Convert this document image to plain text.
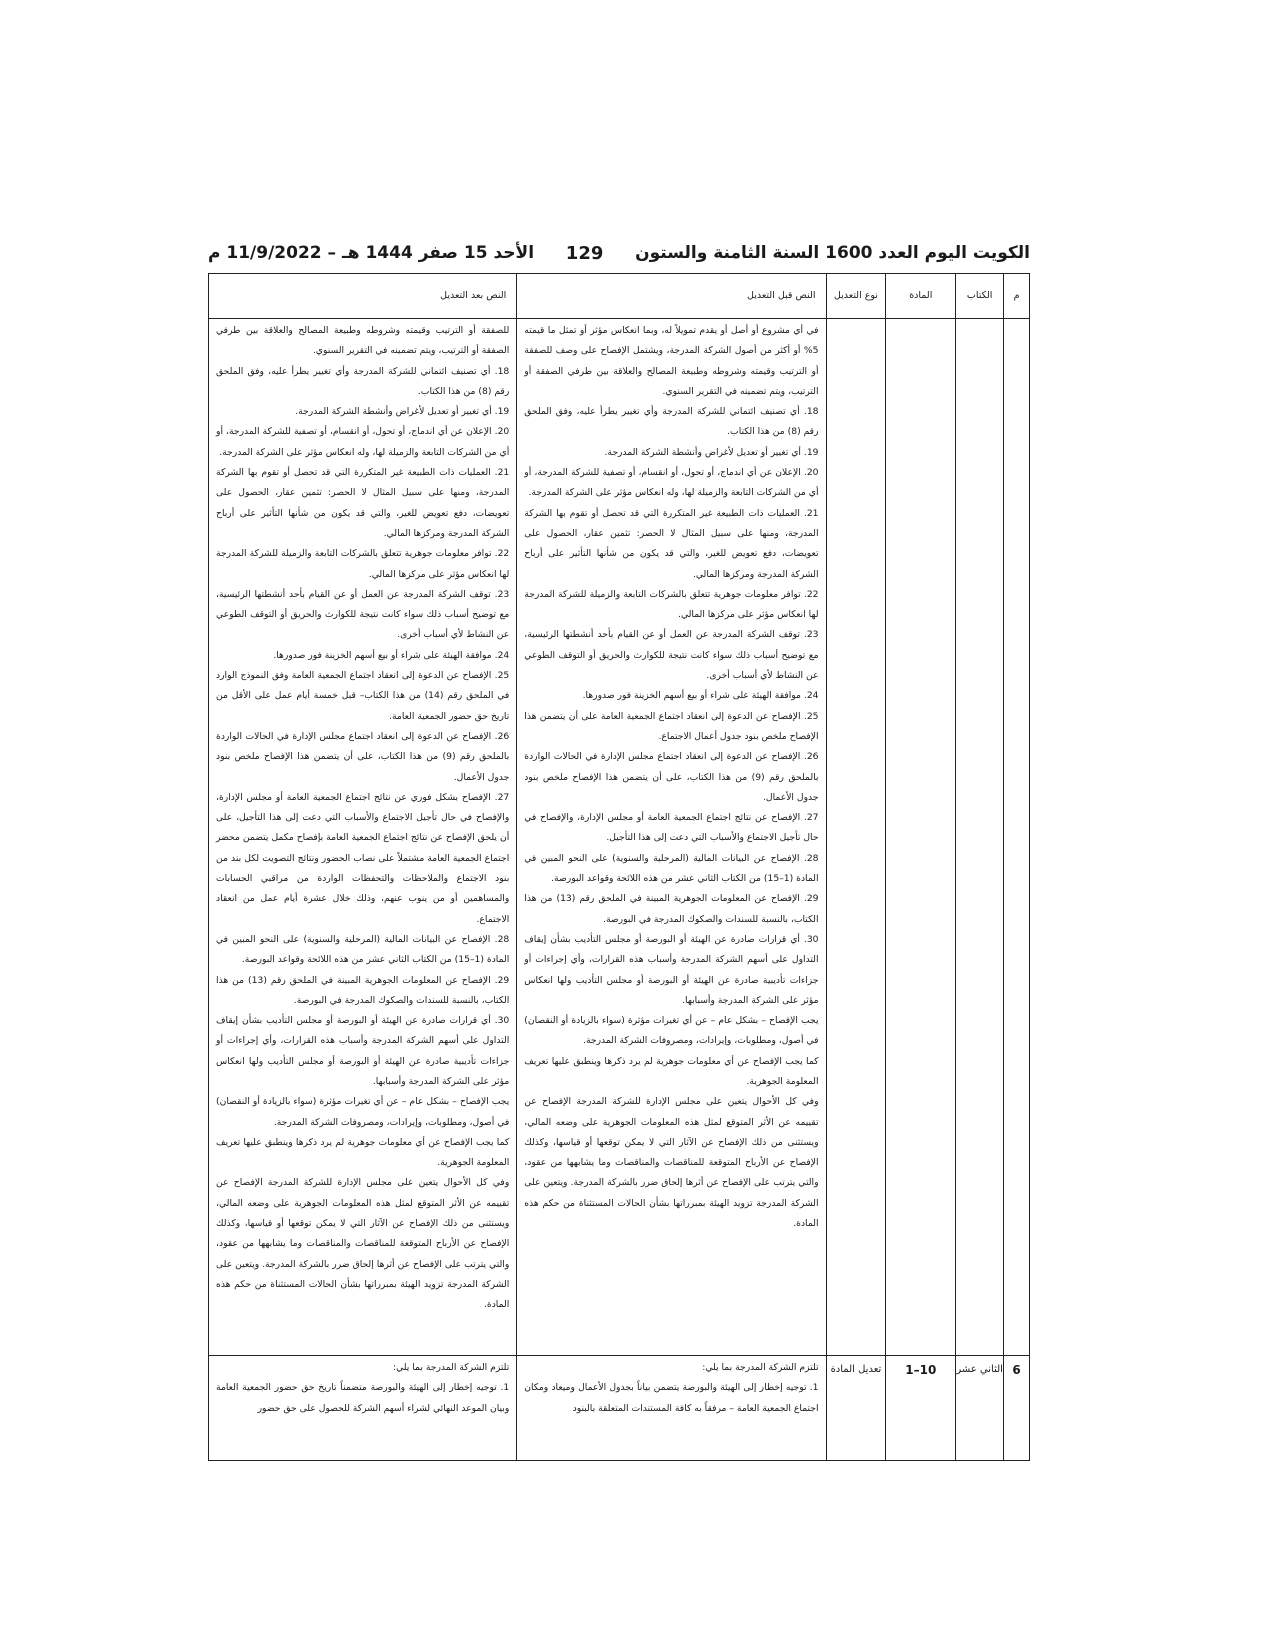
الكويت اليوم العدد 1600 السنة الثامنة والستون
129
الأحد 15 صفر 1444 هـ – 11/9/2022 م
م
الكتاب
المادة
نوع التعديل
النص قبل التعديل
النص بعد التعديل

في أي مشروع أو أصل أو يقدم تمويلاً له، وبما انعكاس مؤثر أو تمثل ما قيمته 5% أو أكثر من أصول الشركة المدرجة، ويشتمل الإفصاح على وصف للصفقة أو الترتيب وقيمته وشروطه وطبيعة المصالح والعلاقة بين طرفي الصفقة أو الترتيب، ويتم تضمينه في التقرير السنوي.

18. أي تصنيف ائتماني للشركة المدرجة وأي تغيير يطرأ عليه، وفق الملحق رقم (8) من هذا الكتاب.

19. أي تغيير أو تعديل لأغراض وأنشطة الشركة المدرجة.

20. الإعلان عن أي اندماج، أو تحول، أو انقسام، أو تصفية للشركة المدرجة، أو أي من الشركات التابعة والزميلة لها، وله انعكاس مؤثر على الشركة المدرجة.

21. العمليات ذات الطبيعة غير المتكررة التي قد تحصل أو تقوم بها الشركة المدرجة، ومنها على سبيل المثال لا الحصر: تثمين عقار، الحصول على تعويضات، دفع تعويض للغير، والتي قد يكون من شأنها التأثير على أرباح الشركة المدرجة ومركزها المالي.

22. توافر معلومات جوهرية تتعلق بالشركات التابعة والزميلة للشركة المدرجة لها انعكاس مؤثر على مركزها المالي.

23. توقف الشركة المدرجة عن العمل أو عن القيام بأحد أنشطتها الرئيسية، مع توضيح أسباب ذلك سواء كانت نتيجة للكوارث والحريق أو التوقف الطوعي عن النشاط لأي أسباب أخرى.

24. موافقة الهيئة على شراء أو بيع أسهم الخزينة فور صدورها.

25. الإفصاح عن الدعوة إلى انعقاد اجتماع الجمعية العامة على أن يتضمن هذا الإفصاح ملخص بنود جدول أعمال الاجتماع.

26. الإفصاح عن الدعوة إلى انعقاد اجتماع مجلس الإدارة في الحالات الواردة بالملحق رقم (9) من هذا الكتاب، على أن يتضمن هذا الإفصاح ملخص بنود جدول الأعمال.

27. الإفصاح عن نتائج اجتماع الجمعية العامة أو مجلس الإدارة، والإفصاح في حال تأجيل الاجتماع والأسباب التي دعت إلى هذا التأجيل.

28. الإفصاح عن البيانات المالية (المرحلية والسنوية) على النحو المبين في المادة (1–15) من الكتاب الثاني عشر من هذه اللائحة وقواعد البورصة.

29. الإفصاح عن المعلومات الجوهرية المبينة في الملحق رقم (13) من هذا الكتاب، بالنسبة للسندات والصكوك المدرجة في البورصة.

30. أي قرارات صادرة عن الهيئة أو البورصة أو مجلس التأديب بشأن إيقاف التداول على أسهم الشركة المدرجة وأسباب هذه القرارات، وأي إجراءات أو جزاءات تأديبية صادرة عن الهيئة أو البورصة أو مجلس التأديب ولها انعكاس مؤثر على الشركة المدرجة وأسبابها.

يجب الإفصاح – بشكل عام – عن أي تغيرات مؤثرة (سواء بالزيادة أو النقصان) في أصول، ومطلوبات، وإيرادات، ومصروفات الشركة المدرجة.

كما يجب الإفصاح عن أي معلومات جوهرية لم يرد ذكرها وينطبق عليها تعريف المعلومة الجوهرية.

وفي كل الأحوال يتعين على مجلس الإدارة للشركة المدرجة الإفصاح عن تقييمه عن الأثر المتوقع لمثل هذه المعلومات الجوهرية على وضعه المالي، ويستثنى من ذلك الإفصاح عن الآثار التي لا يمكن توقعها أو قياسها، وكذلك الإفصاح عن الأرباح المتوقعة للمناقصات والمناقصات وما يشابهها من عقود، والتي يترتب على الإفصاح عن أثرها إلحاق ضرر بالشركة المدرجة. ويتعين على الشركة المدرجة تزويد الهيئة بمبرراتها بشأن الحالات المستثناة من حكم هذه المادة.

للصفقة أو الترتيب وقيمته وشروطه وطبيعة المصالح والعلاقة بين طرفي الصفقة أو الترتيب، ويتم تضمينه في التقرير السنوي.

18. أي تصنيف ائتماني للشركة المدرجة وأي تغيير يطرأ عليه، وفق الملحق رقم (8) من هذا الكتاب.

19. أي تغيير أو تعديل لأغراض وأنشطة الشركة المدرجة.

20. الإعلان عن أي اندماج، أو تحول، أو انقسام، أو تصفية للشركة المدرجة، أو أي من الشركات التابعة والزميلة لها، وله انعكاس مؤثر على الشركة المدرجة.

21. العمليات ذات الطبيعة غير المتكررة التي قد تحصل أو تقوم بها الشركة المدرجة، ومنها على سبيل المثال لا الحصر: تثمين عقار، الحصول على تعويضات، دفع تعويض للغير، والتي قد يكون من شأنها التأثير على أرباح الشركة المدرجة ومركزها المالي.

22. توافر معلومات جوهرية تتعلق بالشركات التابعة والزميلة للشركة المدرجة لها انعكاس مؤثر على مركزها المالي.

23. توقف الشركة المدرجة عن العمل أو عن القيام بأحد أنشطتها الرئيسية، مع توضيح أسباب ذلك سواء كانت نتيجة للكوارث والحريق أو التوقف الطوعي عن النشاط لأي أسباب أخرى.

24. موافقة الهيئة على شراء أو بيع أسهم الخزينة فور صدورها.

25. الإفصاح عن الدعوة إلى انعقاد اجتماع الجمعية العامة وفق النموذج الوارد في الملحق رقم (14) من هذا الكتاب– قبل خمسة أيام عمل على الأقل من تاريخ حق حضور الجمعية العامة.

26. الإفصاح عن الدعوة إلى انعقاد اجتماع مجلس الإدارة في الحالات الواردة بالملحق رقم (9) من هذا الكتاب، على أن يتضمن هذا الإفصاح ملخص بنود جدول الأعمال.

27. الإفصاح بشكل فوري عن نتائج اجتماع الجمعية العامة أو مجلس الإدارة، والإفصاح في حال تأجيل الاجتماع والأسباب التي دعت إلى هذا التأجيل، على أن يلحق الإفصاح عن نتائج اجتماع الجمعية العامة بإفصاح مكمل يتضمن محضر اجتماع الجمعية العامة مشتملاً على نصاب الحضور ونتائج التصويت لكل بند من بنود الاجتماع والملاحظات والتحفظات الواردة من مراقبي الحسابات والمساهمين أو من ينوب عنهم، وذلك خلال عشرة أيام عمل من انعقاد الاجتماع.

28. الإفصاح عن البيانات المالية (المرحلية والسنوية) على النحو المبين في المادة (1–15) من الكتاب الثاني عشر من هذه اللائحة وقواعد البورصة.

29. الإفصاح عن المعلومات الجوهرية المبينة في الملحق رقم (13) من هذا الكتاب، بالنسبة للسندات والصكوك المدرجة في البورصة.

30. أي قرارات صادرة عن الهيئة أو البورصة أو مجلس التأديب بشأن إيقاف التداول على أسهم الشركة المدرجة وأسباب هذه القرارات، وأي إجراءات أو جزاءات تأديبية صادرة عن الهيئة أو البورصة أو مجلس التأديب ولها انعكاس مؤثر على الشركة المدرجة وأسبابها.

يجب الإفصاح – بشكل عام – عن أي تغيرات مؤثرة (سواء بالزيادة أو النقصان) في أصول، ومطلوبات، وإيرادات، ومصروفات الشركة المدرجة.

كما يجب الإفصاح عن أي معلومات جوهرية لم يرد ذكرها وينطبق عليها تعريف المعلومة الجوهرية.

وفي كل الأحوال يتعين على مجلس الإدارة للشركة المدرجة الإفصاح عن تقييمه عن الأثر المتوقع لمثل هذه المعلومات الجوهرية على وضعه المالي، ويستثنى من ذلك الإفصاح عن الآثار التي لا يمكن توقعها أو قياسها، وكذلك الإفصاح عن الأرباح المتوقعة للمناقصات والمناقصات وما يشابهها من عقود، والتي يترتب على الإفصاح عن أثرها إلحاق ضرر بالشركة المدرجة. ويتعين على الشركة المدرجة تزويد الهيئة بمبرراتها بشأن الحالات المستثناة من حكم هذه المادة.

6
الثاني عشر
10–1
تعديل المادة

تلتزم الشركة المدرجة بما يلي:

1. توجيه إخطار إلى الهيئة والبورصة يتضمن بياناً بجدول الأعمال وميعاد ومكان اجتماع الجمعية العامة – مرفقاً به كافة المستندات المتعلقة بالبنود

تلتزم الشركة المدرجة بما يلي:

1. توجيه إخطار إلى الهيئة والبورصة متضمناً تاريخ حق حضور الجمعية العامة وبيان الموعد النهائي لشراء أسهم الشركة للحصول على حق حضور
